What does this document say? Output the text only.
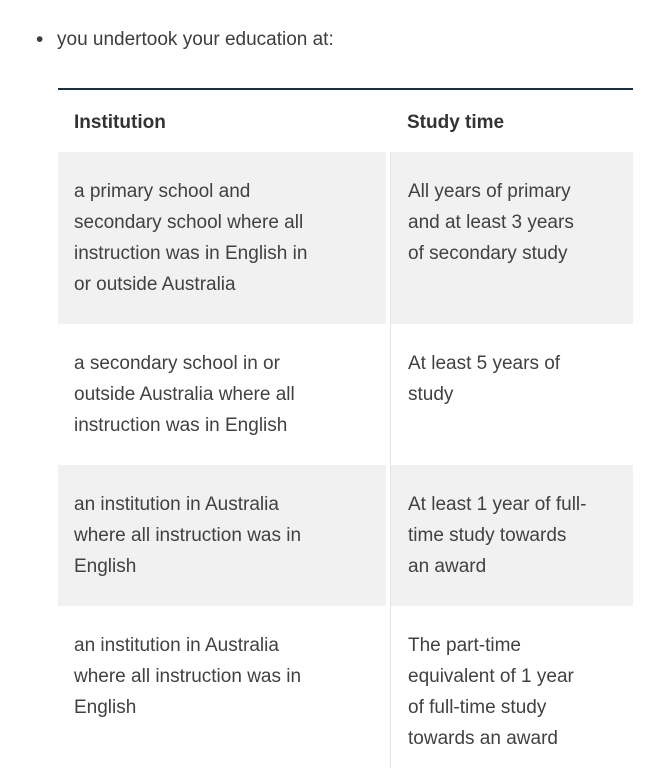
• you undertook your education at:
Institution	Study time

a primary school and secondary school where all instruction was in English in or outside Australia	All years of primary and at least 3 years of secondary study

a secondary school in or outside Australia where all instruction was in English	At least 5 years of study

an institution in Australia where all instruction was in English	At least 1 year of full-time study towards an award

an institution in Australia where all instruction was in English	The part-time equivalent of 1 year of full-time study towards an award
